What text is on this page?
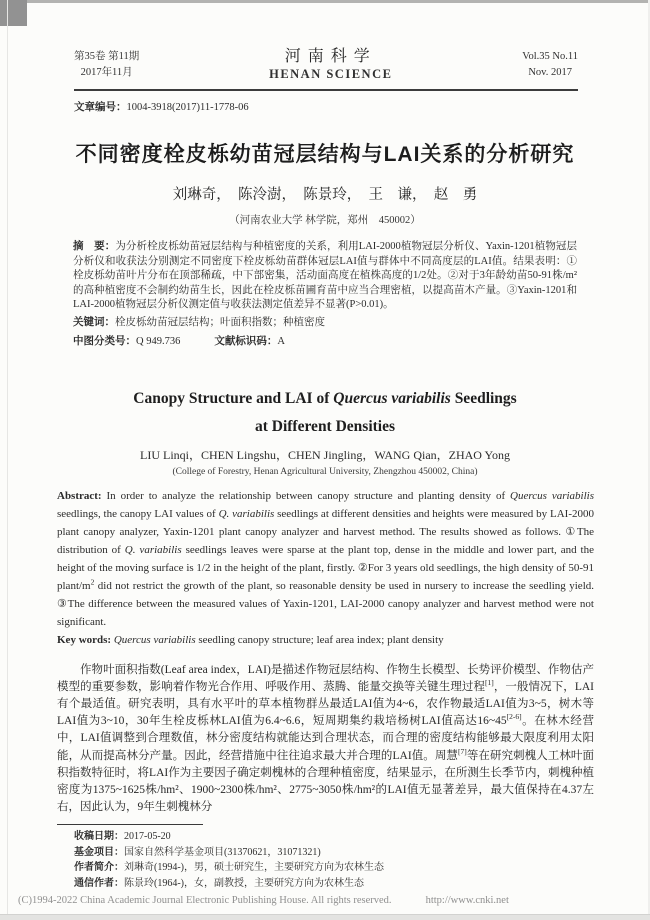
第35卷 第11期
2017年11月
河南科学
HENAN SCIENCE
Vol.35 No.11
Nov. 2017
文章编号：1004-3918(2017)11-1778-06
不同密度栓皮栎幼苗冠层结构与LAI关系的分析研究
刘琳奇，　陈泠澍，　陈景玲，　王　谦，　赵　勇
（河南农业大学 林学院，郑州　450002）

摘　要：为分析栓皮栎幼苗冠层结构与种植密度的关系，利用LAI-2000植物冠层分析仪、Yaxin-1201植物冠层分析仪和收获法分别测定不同密度下栓皮栎幼苗群体冠层LAI值与群体中不同高度层的LAI值。结果表明：①栓皮栎幼苗叶片分布在顶部稀疏，中下部密集，活动面高度在植株高度的1/2处。②对于3年龄幼苗50-91株/m²的高种植密度不会制约幼苗生长，因此在栓皮栎苗圃育苗中应当合理密植，以提高苗木产量。③Yaxin-1201和LAI-2000植物冠层分析仪测定值与收获法测定值差异不显著(P>0.01)。

关键词：栓皮栎幼苗冠层结构；叶面积指数；种植密度

中图分类号：Q 949.736	文献标识码：A

Canopy Structure and LAI of Quercus variabilis Seedlings
at Different Densities
LIU Linqi，CHEN Lingshu，CHEN Jingling，WANG Qian，ZHAO Yong
(College of Forestry, Henan Agricultural University, Zhengzhou 450002, China)

Abstract: In order to analyze the relationship between canopy structure and planting density of Quercus variabilis seedlings, the canopy LAI values of Q. variabilis seedlings at different densities and heights were measured by LAI-2000 plant canopy analyzer, Yaxin-1201 plant canopy analyzer and harvest method. The results showed as follows. ①The distribution of Q. variabilis seedlings leaves were sparse at the plant top, dense in the middle and lower part, and the height of the moving surface is 1/2 in the height of the plant, firstly. ②For 3 years old seedlings, the high density of 50-91 plant/$m^2$ did not restrict the growth of the plant, so reasonable density be used in nursery to increase the seedling yield. ③The difference between the measured values of Yaxin-1201, LAI-2000 canopy analyzer and harvest method were not significant.

Key words: Quercus variabilis seedling canopy structure; leaf area index; plant density

作物叶面积指数(Leaf area index，LAI)是描述作物冠层结构、作物生长模型、长势评价模型、作物估产模型的重要参数，影响着作物光合作用、呼吸作用、蒸腾、能量交换等关键生理过程[1]，一般情况下，LAI有个最适值。研究表明，具有水平叶的草本植物群丛最适LAI值为4~6，农作物最适LAI值为3~5，树木等LAI值为3~10，30年生栓皮栎林LAI值为6.4~6.6，短周期集约栽培杨树LAI值高达16~45[2-6]。在林木经营中，LAI值调整到合理数值，林分密度结构就能达到合理状态，而合理的密度结构能够最大限度利用太阳能，从而提高林分产量。因此，经营措施中往往追求最大并合理的LAI值。周慧[7]等在研究刺槐人工林叶面积指数特征时，将LAI作为主要因子确定刺槐林的合理种植密度，结果显示，在所测生长季节内，刺槐种植密度为1375~1625株/hm²、1900~2300株/hm²、2775~3050株/hm²的LAI值无显著差异，最大值保持在4.37左右，因此认为，9年生刺槐林分

收稿日期：2017-05-20
基金项目：国家自然科学基金项目(31370621，31071321)
作者简介：刘琳奇(1994-)，男，硕士研究生，主要研究方向为农林生态
通信作者：陈景玲(1964-)，女，副教授，主要研究方向为农林生态
(C)1994-2022 China Academic Journal Electronic Publishing House. All rights reserved.	http://www.cnki.net
